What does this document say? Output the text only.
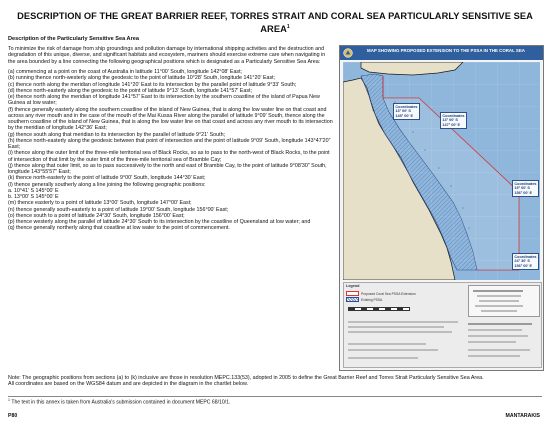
DESCRIPTION OF THE GREAT BARRIER REEF, TORRES STRAIT AND CORAL SEA PARTICULARLY SENSITIVE SEA AREA$^1$
Description of the Particularly Sensitive Sea Area

To minimize the risk of damage from ship groundings and pollution damage by international shipping activities and the destruction and degradation of this unique, diverse, and significant habitats and ecosystem, mariners should exercise extreme care when navigating in the area bounded by a line connecting the following geographical positions which is designated as a Particularly Sensitive Sea Area:

(a) commencing at a point on the coast of Australia in latitude 11°00' South, longitude 142°08' East;

(b) running thence north-westerly along the geodesic to the point of latitude 10°28' South, longitude 141°20' East;

(c) thence north along the meridian of longitude 141°20' East to its intersection by the parallel point of latitude 9°33' South;

(d) thence north-easterly along the geodesic to the point of latitude 9°13' South, longitude 141°57' East;

(e) thence north along the meridian of longitude 141°57' East to its intersection by the southern coastline of the island of Papua New Guinea at low water;

(f) thence generally easterly along the southern coastline of the island of New Guinea, that is along the low water line on that coast and across any river mouth and in the case of the mouth of the Mai Kussa River along the parallel of latitude 9°09' South, thence along the southern coastline of the island of New Guinea, that is along the low water line on that coast and across any river mouth to its intersection by the meridian of longitude 142°36' East;

(g) thence south along that meridian to its intersection by the parallel of latitude 9°21' South;

(h) thence north-easterly along the geodesic between that point of intersection and the point of latitude 9°09' South, longitude 143°47'20" East;

(i) thence along the outer limit of the three-mile territorial sea of Black Rocks, so as to pass to the north-west of Black Rocks, to the point of intersection of that limit by the outer limit of the three-mile territorial sea of Bramble Cay;

(j) thence along that outer limit, so as to pass successively to the north and east of Bramble Cay, to the point of latitude 9°08'30" South, longitude 143°55'57" East;

(k) thence north-easterly to the point of latitude 9°00' South, longitude 144°30' East;

(l) thence generally southerly along a line joining the following geographic positions:

a. 10°41' S 145°00' E

b. 13°00' S 145°00' E

(m) thence easterly to a point of latitude 13°00' South, longitude 147°00' East;

(n) thence generally south-easterly to a point of latitude 19°00' South, longitude 156°00' East;

(o) thence south to a point of latitude 24°30' South, longitude 156°00' East;

(p) thence westerly along the parallel of latitude 24°30' South to its intersection by the coastline of Queensland at low water; and

(q) thence generally northerly along that coastline at low water to the point of commencement.

MAP SHOWING PROPOSED EXTENSION TO THE PSSA IN THE CORAL SEA
Coordinates
13° 00' S
145° 00' E	Coordinates
13° 00' S
147° 00' E
Coordinates
19° 00' S
156° 00' E
Coordinates
24° 30' S
156° 00' E
Legend
Proposed Coral Sea PSSA Extension
Existing PSSA

Note: The geographic positions from sections (a) to (k) inclusive are those in resolution MEPC.133(53), adopted in 2005 to define the Great Barrier Reef and Torres Strait Particularly Sensitive Sea Area.

All coordinates are based on the WGS84 datum and are depicted in the diagram in the chartlet below.

$^1$ The text in this annex is taken from Australia's submission contained in document MEPC 68/10/1.
P80	MANTARAKIS
